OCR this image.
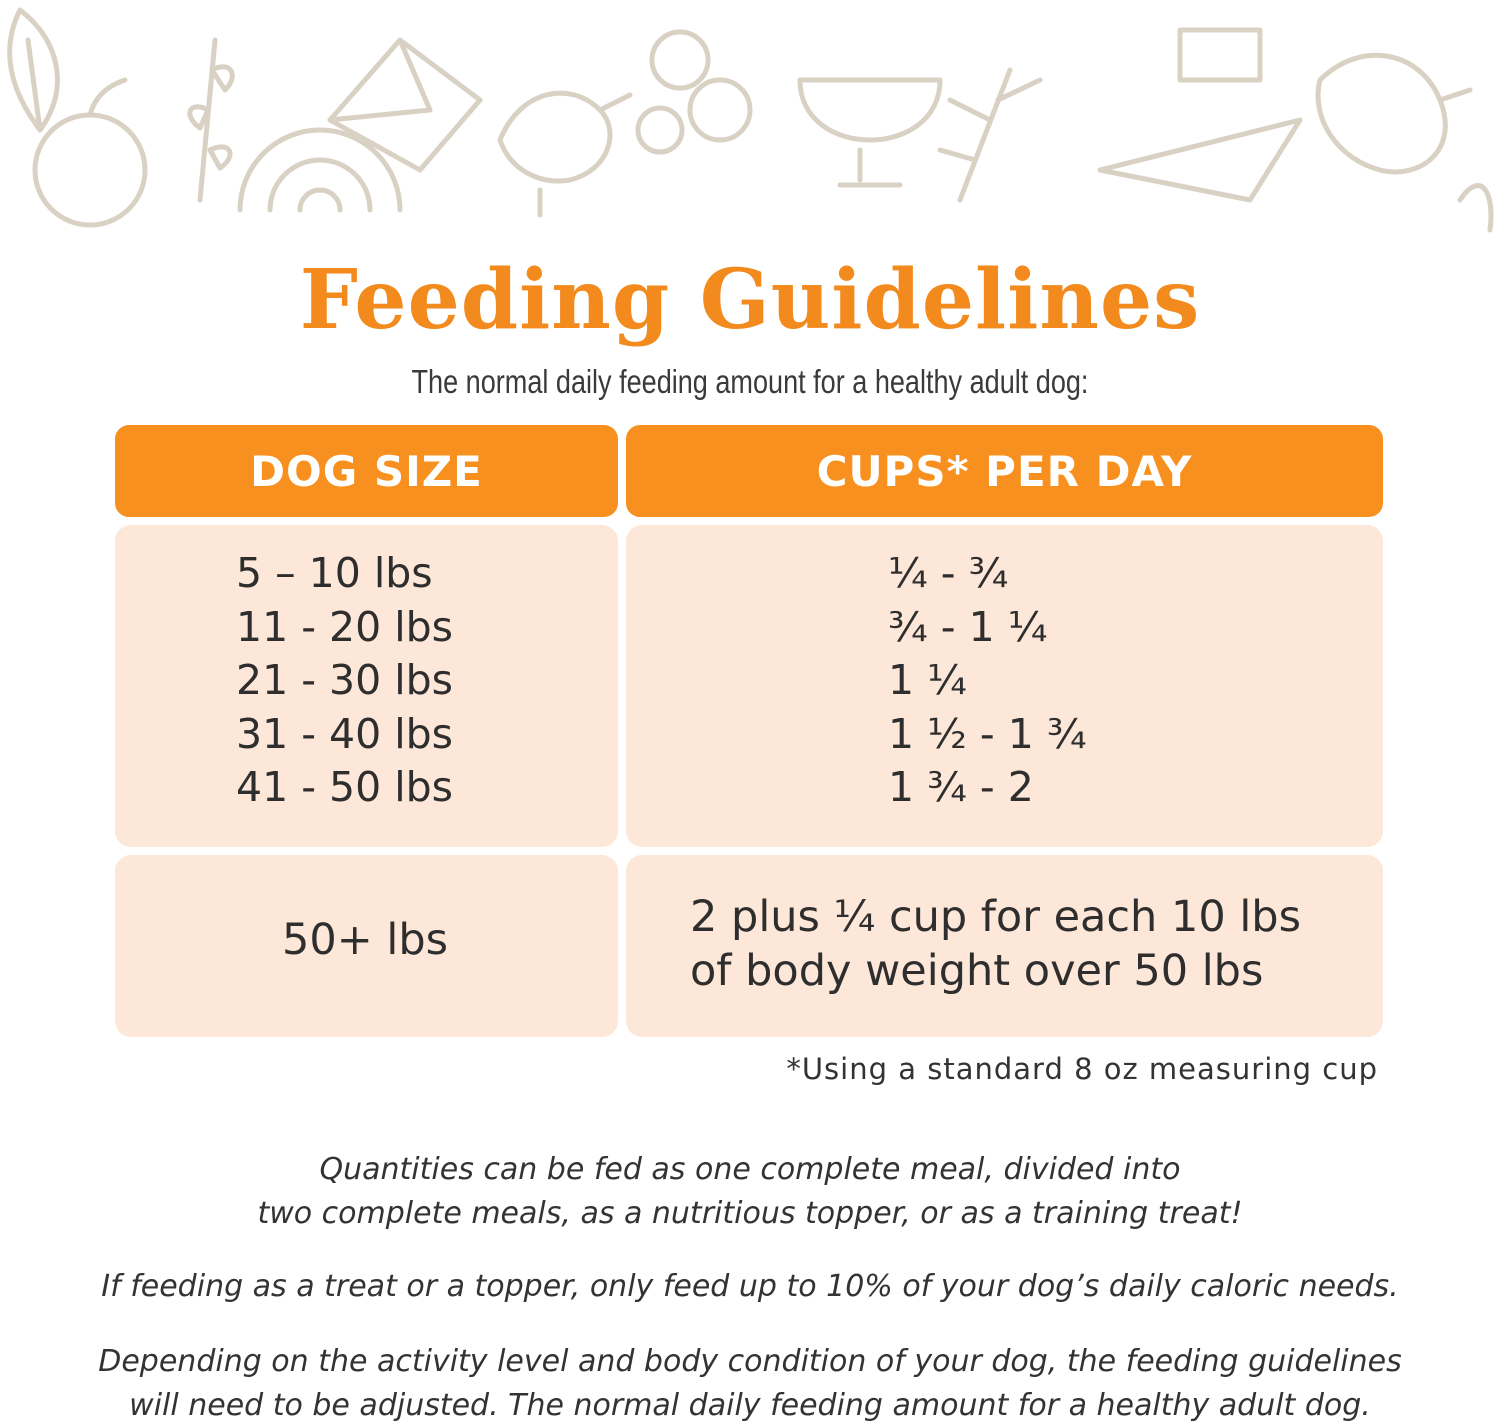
Feeding Guidelines
The normal daily feeding amount for a healthy adult dog:
DOG SIZE	CUPS* PER DAY
5 – 10 lbs
11 - 20 lbs
21 - 30 lbs
31 - 40 lbs
41 - 50 lbs
¼ - ¾
¾ - 1 ¼
1 ¼
1 ½ - 1 ¾
1 ¾ - 2
50+ lbs	2 plus ¼ cup for each 10 lbs
of body weight over 50 lbs
*Using a standard 8 oz measuring cup
Quantities can be fed as one complete meal, divided into
two complete meals, as a nutritious topper, or as a training treat!
If feeding as a treat or a topper, only feed up to 10% of your dog’s daily caloric needs.
Depending on the activity level and body condition of your dog, the feeding guidelines
will need to be adjusted. The normal daily feeding amount for a healthy adult dog.
